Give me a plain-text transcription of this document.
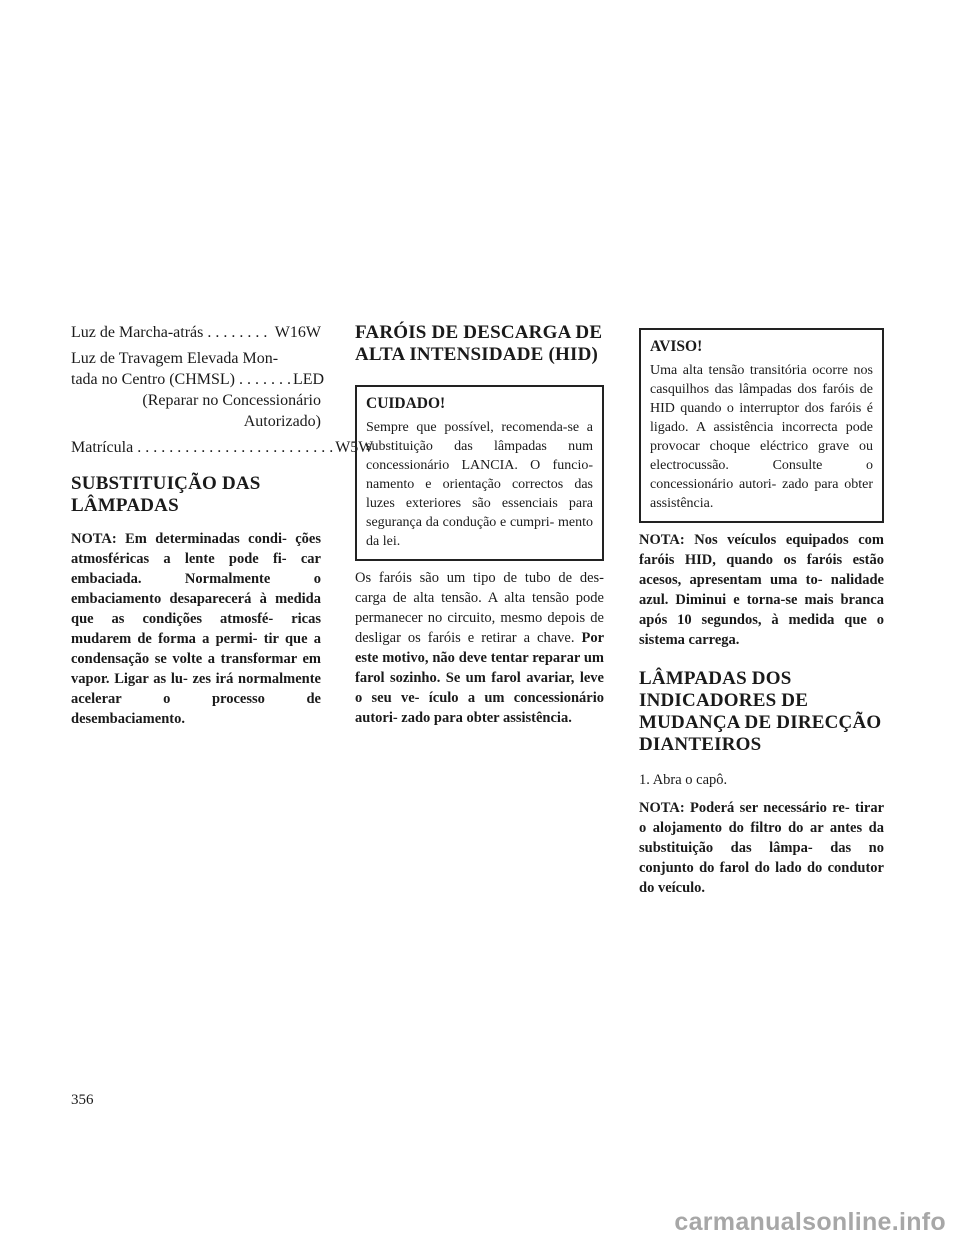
Luz de Marcha-atrás . . . . . . . . W16W
Luz de Travagem Elevada Mon-
tada no Centro (CHMSL) . . . . . . . LED
(Reparar no Concessionário
Autorizado)
Matrícula . . . . . . . . . . . . . . . . . . . . . . . . . W5W
SUBSTITUIÇÃO DAS LÂMPADAS

NOTA: Em determinadas condi- ções atmosféricas a lente pode fi- car embaciada. Normalmente o embaciamento desaparecerá à medida que as condições atmosfé- ricas mudarem de forma a permi- tir que a condensação se volte a transformar em vapor. Ligar as lu- zes irá normalmente acelerar o processo de desembaciamento.

FARÓIS DE DESCARGA DE ALTA INTENSIDADE (HID)
CUIDADO!

Sempre que possível, recomenda-se a substituição das lâmpadas num concessionário LANCIA. O funcio- namento e orientação correctos das luzes exteriores são essenciais para segurança da condução e cumpri- mento da lei.

Os faróis são um tipo de tubo de des- carga de alta tensão. A alta tensão pode permanecer no circuito, mesmo depois de desligar os faróis e retirar a chave. Por este motivo, não deve tentar reparar um farol sozinho. Se um farol avariar, leve o seu ve- ículo a um concessionário autori- zado para obter assistência.

AVISO!

Uma alta tensão transitória ocorre nos casquilhos das lâmpadas dos faróis de HID quando o interruptor dos faróis é ligado. A assistência incorrecta pode provocar choque eléctrico grave ou electrocussão. Consulte o concessionário autori- zado para obter assistência.

NOTA: Nos veículos equipados com faróis HID, quando os faróis estão acesos, apresentam uma to- nalidade azul. Diminui e torna-se mais branca após 10 segundos, à medida que o sistema carrega.

LÂMPADAS DOS INDICADORES DE MUDANÇA DE DIRECÇÃO DIANTEIROS

1. Abra o capô.

NOTA: Poderá ser necessário re- tirar o alojamento do filtro do ar antes da substituição das lâmpa- das no conjunto do farol do lado do condutor do veículo.

356
carmanualsonline.info
